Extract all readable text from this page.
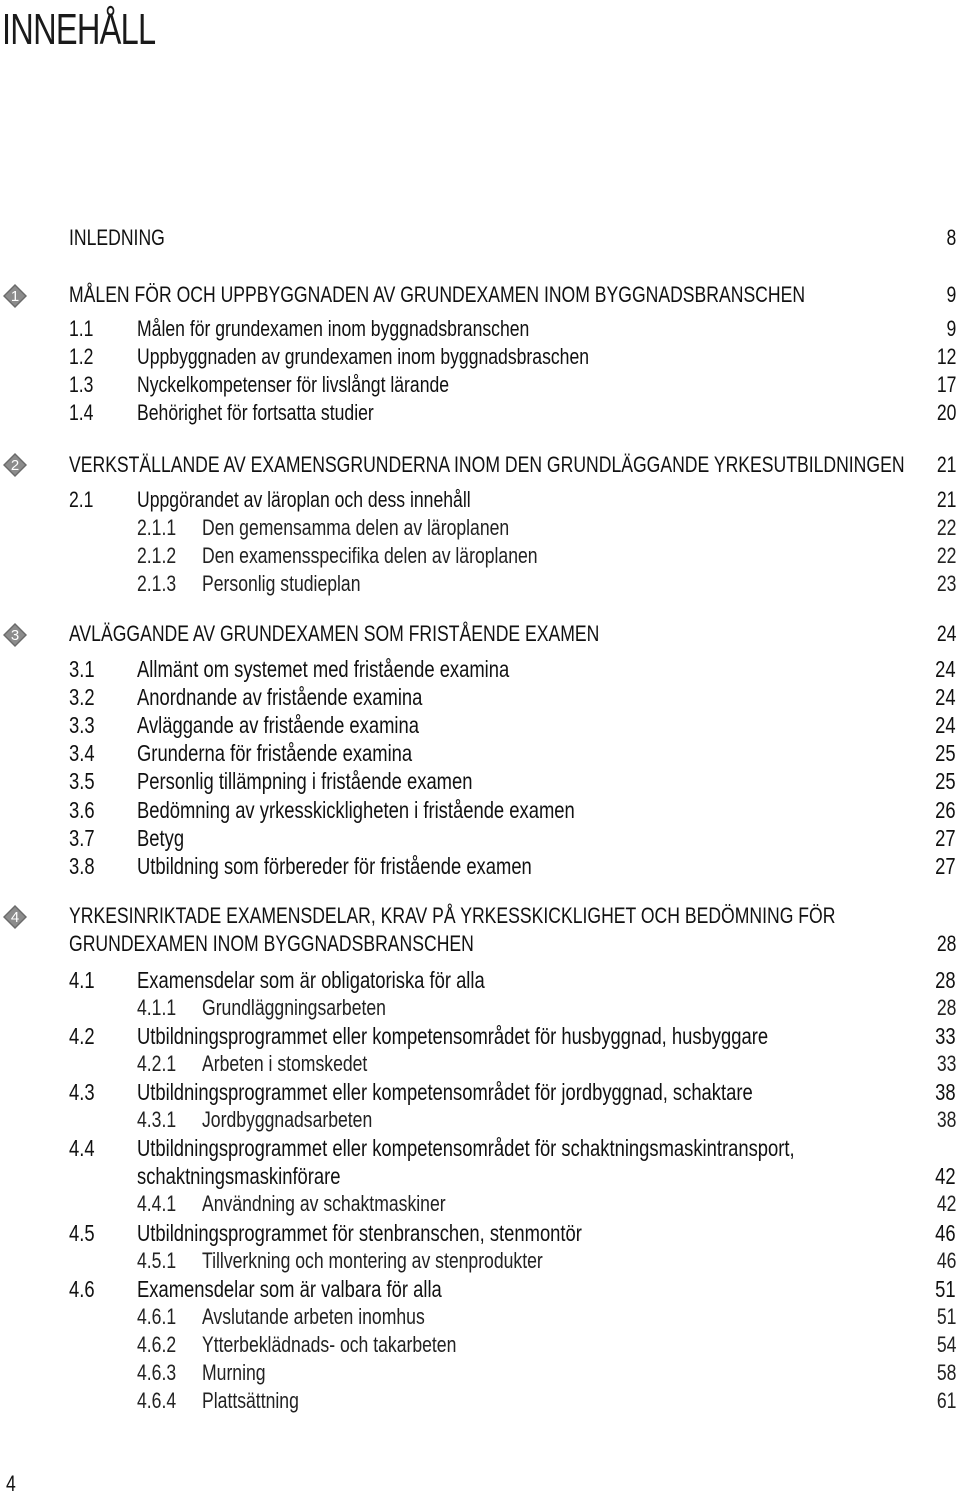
INNEHÅLL
INLEDNING	8
1 MÅLEN FÖR OCH UPPBYGGNADEN AV GRUNDEXAMEN INOM BYGGNADSBRANSCHEN	9
1.1 Målen för grundexamen inom byggnadsbranschen	9
1.2 Uppbyggnaden av grundexamen inom byggnadsbraschen	12
1.3 Nyckelkompetenser för livslångt lärande	17
1.4 Behörighet för fortsatta studier	20
2 VERKSTÄLLANDE AV EXAMENSGRUNDERNA INOM DEN GRUNDLÄGGANDE YRKESUTBILDNINGEN 21
2.1 Uppgörandet av läroplan och dess innehåll	21
2.1.1 Den gemensamma delen av läroplanen	22
2.1.2 Den examensspecifika delen av läroplanen	22
2.1.3 Personlig studieplan	23
3 AVLÄGGANDE AV GRUNDEXAMEN SOM FRISTÅENDE EXAMEN	24
3.1 Allmänt om systemet med fristående examina	24
3.2 Anordnande av fristående examina	24
3.3 Avläggande av fristående examina	24
3.4 Grunderna för fristående examina	25
3.5 Personlig tillämpning i fristående examen	25
3.6 Bedömning av yrkesskickligheten i fristående examen	26
3.7 Betyg	27
3.8 Utbildning som förbereder för fristående examen	27
4 YRKESINRIKTADE EXAMENSDELAR, KRAV PÅ YRKESSKICKLIGHET OCH BEDÖMNING FÖR
GRUNDEXAMEN INOM BYGGNADSBRANSCHEN	28
4.1 Examensdelar som är obligatoriska för alla	28
4.1.1 Grundläggningsarbeten	28
4.2 Utbildningsprogrammet eller kompetensområdet för husbyggnad, husbyggare	33
4.2.1 Arbeten i stomskedet	33
4.3 Utbildningsprogrammet eller kompetensområdet för jordbyggnad, schaktare	38
4.3.1 Jordbyggnadsarbeten	38
4.4 Utbildningsprogrammet eller kompetensområdet för schaktningsmaskintransport,
schaktningsmaskinförare	42
4.4.1 Användning av schaktmaskiner	42
4.5 Utbildningsprogrammet för stenbranschen, stenmontör	46
4.5.1 Tillverkning och montering av stenprodukter	46
4.6 Examensdelar som är valbara för alla	51
4.6.1 Avslutande arbeten inomhus	51
4.6.2 Ytterbeklädnads- och takarbeten	54
4.6.3 Murning	58
4.6.4 Plattsättning	61
4
